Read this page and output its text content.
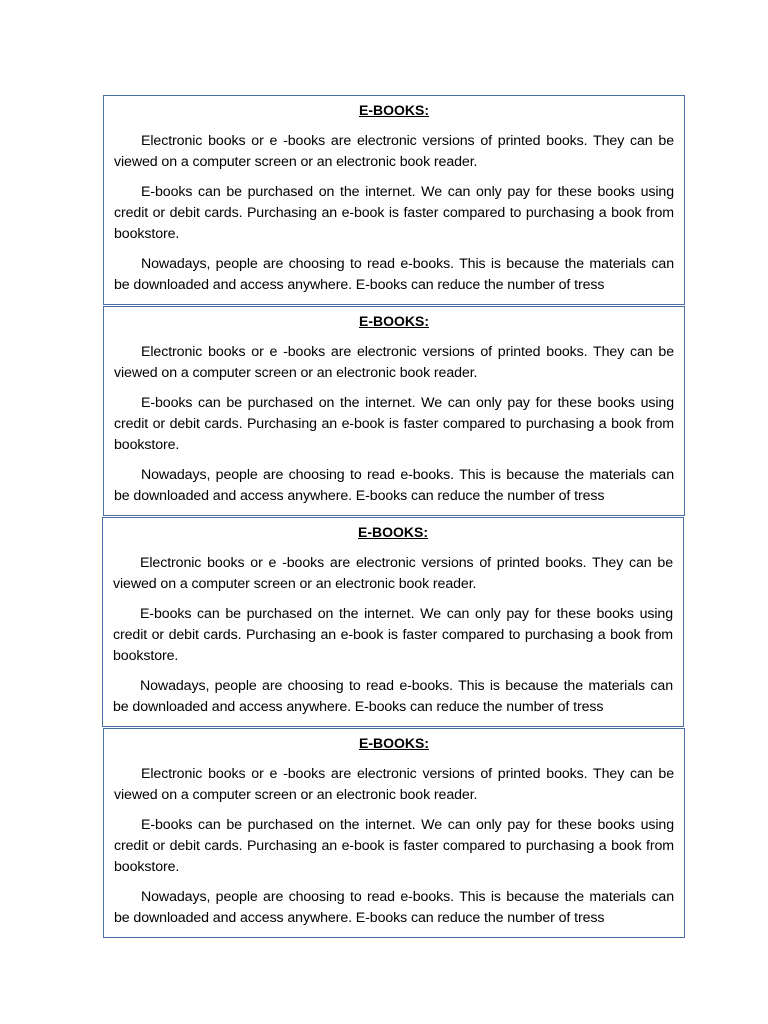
E-BOOKS:

Electronic books or e -books are electronic versions of printed books. They can be viewed on a computer screen or an electronic book reader.

E-books can be purchased on the internet. We can only pay for these books using credit or debit cards. Purchasing an e-book is faster compared to purchasing a book from bookstore.

Nowadays, people are choosing to read e-books. This is because the materials can be downloaded and access anywhere. E-books can reduce the number of tress

E-BOOKS:

Electronic books or e -books are electronic versions of printed books. They can be viewed on a computer screen or an electronic book reader.

E-books can be purchased on the internet. We can only pay for these books using credit or debit cards. Purchasing an e-book is faster compared to purchasing a book from bookstore.

Nowadays, people are choosing to read e-books. This is because the materials can be downloaded and access anywhere. E-books can reduce the number of tress

E-BOOKS:

Electronic books or e -books are electronic versions of printed books. They can be viewed on a computer screen or an electronic book reader.

E-books can be purchased on the internet. We can only pay for these books using credit or debit cards. Purchasing an e-book is faster compared to purchasing a book from bookstore.

Nowadays, people are choosing to read e-books. This is because the materials can be downloaded and access anywhere. E-books can reduce the number of tress

E-BOOKS:

Electronic books or e -books are electronic versions of printed books. They can be viewed on a computer screen or an electronic book reader.

E-books can be purchased on the internet. We can only pay for these books using credit or debit cards. Purchasing an e-book is faster compared to purchasing a book from bookstore.

Nowadays, people are choosing to read e-books. This is because the materials can be downloaded and access anywhere. E-books can reduce the number of tress
